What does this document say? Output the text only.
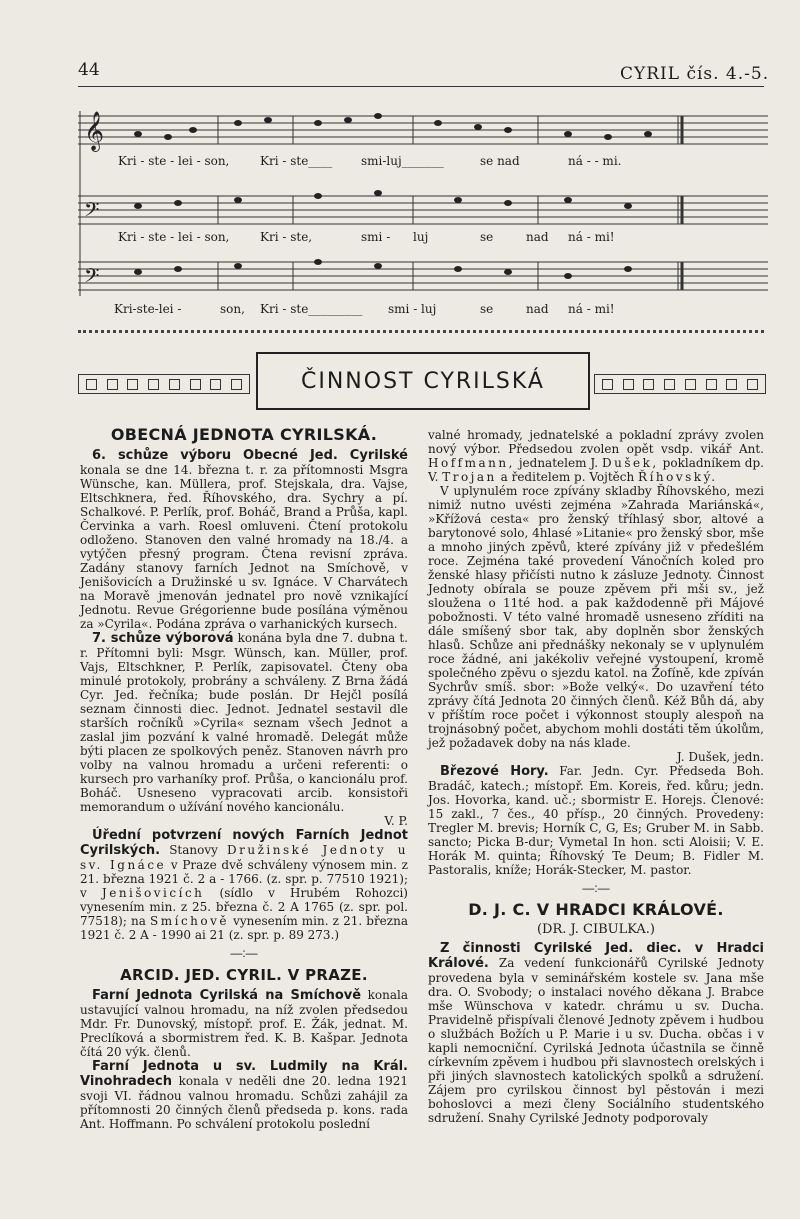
44	CYRIL čís. 4.-5.
𝄞
𝄢
𝄢
Kri - ste - lei - son,	Kri - ste____ smi-luj_______	se nad	ná - - mi.
Kri - ste - lei - son,	Kri - ste,	smi - luj	se	nad ná - mi!
Kri-ste-lei -	son, Kri - ste_________ smi - luj	se	nad ná - mi!
ČINNOST CYRILSKÁ
OBECNÁ JEDNOTA CYRILSKÁ.

6. schůze výboru Obecné Jed. Cyrilské konala se dne 14. března t. r. za přítomnosti Msgra Wünsche, kan. Müllera, prof. Stejskala, dra. Vajse, Eltschknera, řed. Říhovského, dra. Sychry a pí. Schalkové. P. Perlík, prof. Boháč, Brand a Průša, kapl. Červinka a varh. Roesl omluveni. Čtení protokolu odloženo. Stanoven den valné hromady na 18./4. a vytýčen přesný program. Čtena revisní zpráva. Zadány stanovy farních Jednot na Smíchově, v Jenišovicích a Družinské u sv. Ignáce. V Charvátech na Moravě jmenován jednatel pro nově vznikající Jednotu. Revue Grégorienne bude posílána výměnou za »Cyrila«. Podána zpráva o varhanických kursech.

7. schůze výborová konána byla dne 7. dubna t. r. Přítomni byli: Msgr. Wünsch, kan. Müller, prof. Vajs, Eltschkner, P. Perlík, zapisovatel. Čteny oba minulé protokoly, probrány a schváleny. Z Brna žádá Cyr. Jed. řečníka; bude poslán. Dr Hejčl posílá seznam činnosti diec. Jednot. Jednatel sestavil dle starších ročníků »Cyrila« seznam všech Jednot a zaslal jim pozvání k valné hromadě. Delegát může býti placen ze spolkových peněz. Stanoven návrh pro volby na valnou hromadu a určeni referenti: o kursech pro varhaníky prof. Průša, o kancionálu prof. Boháč. Usneseno vypracovati arcib. konsistoři memorandum o užívání nového kancionálu.

V. P.

Úřední potvrzení nových Farních Jednot Cyrilských. Stanovy Družinské Jednoty u sv. Ignáce v Praze dvě schváleny výnosem min. z 21. března 1921 č. 2 a - 1766. (z. spr. p. 77510 1921); v Jenišovicích (sídlo v Hrubém Rohozci) vynesením min. z 25. března č. 2 A 1765 (z. spr. pol. 77518); na Smíchově vynesením min. z 21. března 1921 č. 2 A - 1990 ai 21 (z. spr. p. 89 273.)

—:—
ARCID. JED. CYRIL. V PRAZE.

Farní Jednota Cyrilská na Smíchově konala ustavující valnou hromadu, na níž zvolen předsedou Mdr. Fr. Dunovský, místopř. prof. E. Žák, jednat. M. Preclíková a sbormistrem řed. K. B. Kašpar. Jednota čítá 20 výk. členů.

Farní Jednota u sv. Ludmily na Král. Vinohradech konala v neděli dne 20. ledna 1921 svoji VI. řádnou valnou hromadu. Schůzi zahájil za přítomnosti 20 činných členů předseda p. kons. rada Ant. Hoffmann. Po schválení protokolu poslední

valné hromady, jednatelské a pokladní zprávy zvolen nový výbor. Předsedou zvolen opět vsdp. vikář Ant. Hoffmann, jednatelem J. Dušek, pokladníkem dp. V. Trojan a ředitelem p. Vojtěch Říhovský.

V uplynulém roce zpívány skladby Říhovského, mezi nimiž nutno uvésti zejména »Zahrada Mariánská«, »Křížová cesta« pro ženský tříhlasý sbor, altové a barytonové solo, 4hlasé »Litanie« pro ženský sbor, mše a mnoho jiných zpěvů, které zpívány již v předešlém roce. Zejména také provedení Vánočních koled pro ženské hlasy přičísti nutno k zásluze Jednoty. Činnost Jednoty obírala se pouze zpěvem při mši sv., jež sloužena o 11té hod. a pak každodenně při Májové pobožnosti. V této valné hromadě usneseno zříditi na dále smíšený sbor tak, aby doplněn sbor ženských hlasů. Schůze ani přednášky nekonaly se v uplynulém roce žádné, ani jakékoliv veřejné vystoupení, kromě společného zpěvu o sjezdu katol. na Žofíně, kde zpíván Sychrův smíš. sbor: »Bože velký«. Do uzavření této zprávy čítá Jednota 20 činných členů. Kéž Bůh dá, aby v příštím roce počet i výkonnost stouply alespoň na trojnásobný počet, abychom mohli dostáti těm úkolům, jež požadavek doby na nás klade.

J. Dušek, jedn.

Březové Hory. Far. Jedn. Cyr. Předseda Boh. Bradáč, katech.; místopř. Em. Koreis, řed. kůru; jedn. Jos. Hovorka, kand. uč.; sbormistr E. Horejs. Členové: 15 zakl., 7 čes., 40 přísp., 20 činných. Provedeny: Tregler M. brevis; Horník C, G, Es; Gruber M. in Sabb. sancto; Picka B-dur; Vymetal In hon. scti Aloisii; V. E. Horák M. quinta; Říhovský Te Deum; B. Fidler M. Pastoralis, kníže; Horák-Stecker, M. pastor.

—:—
D. J. C. V HRADCI KRÁLOVÉ.
(DR. J. CIBULKA.)

Z činnosti Cyrilské Jed. diec. v Hradci Králové. Za vedení funkcionářů Cyrilské Jednoty provedena byla v seminářském kostele sv. Jana mše dra. O. Svobody; o instalaci nového děkana J. Brabce mše Wünschova v katedr. chrámu u sv. Ducha. Pravidelně přispívali členové Jednoty zpěvem i hudbou o službách Božích u P. Marie i u sv. Ducha. občas i v kapli nemocniční. Cyrilská Jednota účastnila se činně církevním zpěvem i hudbou při slavnostech orelských i při jiných slavnostech katolických spolků a sdružení. Zájem pro cyrilskou činnost byl pěstován i mezi bohoslovci a mezi členy Sociálního studentského sdružení. Snahy Cyrilské Jednoty podporovaly
